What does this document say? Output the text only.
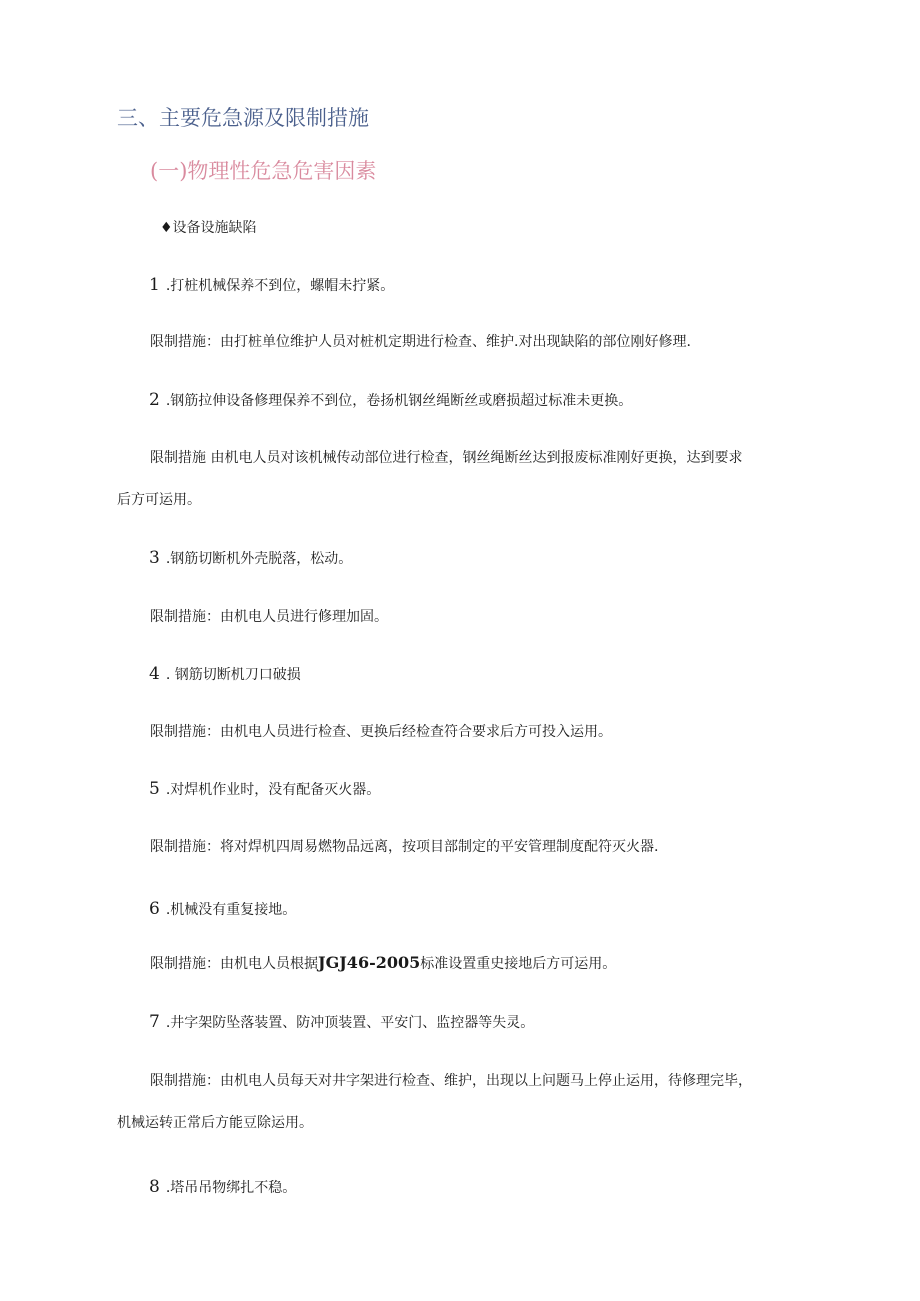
三、主要危急源及限制措施
(一)物理性危急危害因素
♦设备设施缺陷
1 .打桩机械保养不到位，螺帽未拧紧。
限制措施：由打桩单位维护人员对桩机定期进行检查、维护.对出现缺陷的部位刚好修理.
2 .钢筋拉伸设备修理保养不到位，卷扬机钢丝绳断丝或磨损超过标准未更换。
限制措施 由机电人员对该机械传动部位进行检查，钢丝绳断丝达到报废标准刚好更换，达到要求
后方可运用。
3 .钢筋切断机外壳脱落，松动。
限制措施：由机电人员进行修理加固。
4 . 钢筋切断机刀口破损
限制措施：由机电人员进行检查、更换后经检查符合要求后方可投入运用。
5 .对焊机作业时，没有配备灭火器。
限制措施：将对焊机四周易燃物品远离，按项目部制定的平安管理制度配符灭火器.
6 .机械没有重复接地。
限制措施：由机电人员根据JGJ46-2005标准设置重史接地后方可运用。
7 .井字架防坠落装置、防冲顶装置、平安门、监控器等失灵。
限制措施：由机电人员每天对井字架进行检查、维护，出现以上问题马上停止运用，待修理完毕，
机械运转正常后方能豆除运用。
8 .塔吊吊物绑扎不稳。
